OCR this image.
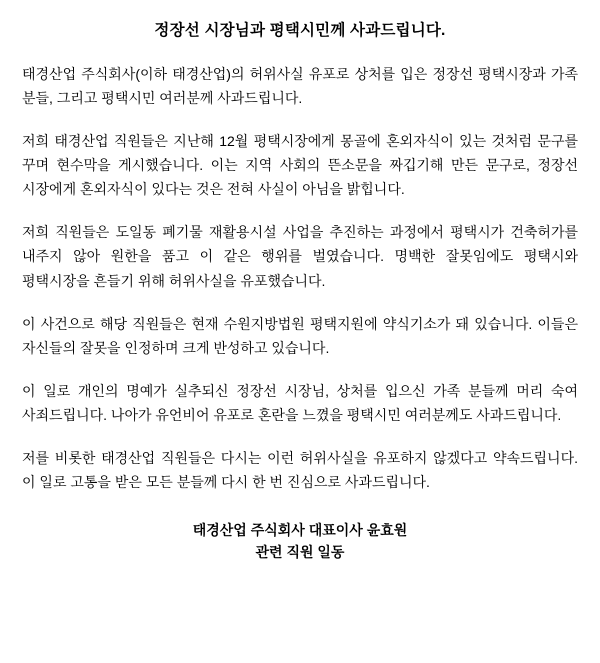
정장선 시장님과 평택시민께 사과드립니다.

태경산업 주식회사(이하 태경산업)의 허위사실 유포로 상처를 입은 정장선 평택시장과 가족 분들, 그리고 평택시민 여러분께 사과드립니다.

저희 태경산업 직원들은 지난해 12월 평택시장에게 몽골에 혼외자식이 있는 것처럼 문구를 꾸며 현수막을 게시했습니다. 이는 지역 사회의 뜬소문을 짜깁기해 만든 문구로, 정장선 시장에게 혼외자식이 있다는 것은 전혀 사실이 아님을 밝힙니다.

저희 직원들은 도일동 폐기물 재활용시설 사업을 추진하는 과정에서 평택시가 건축허가를 내주지 않아 원한을 품고 이 같은 행위를 벌였습니다. 명백한 잘못임에도 평택시와 평택시장을 흔들기 위해 허위사실을 유포했습니다.

이 사건으로 해당 직원들은 현재 수원지방법원 평택지원에 약식기소가 돼 있습니다. 이들은 자신들의 잘못을 인정하며 크게 반성하고 있습니다.

이 일로 개인의 명예가 실추되신 정장선 시장님, 상처를 입으신 가족 분들께 머리 숙여 사죄드립니다. 나아가 유언비어 유포로 혼란을 느꼈을 평택시민 여러분께도 사과드립니다.

저를 비롯한 태경산업 직원들은 다시는 이런 허위사실을 유포하지 않겠다고 약속드립니다. 이 일로 고통을 받은 모든 분들께 다시 한 번 진심으로 사과드립니다.

태경산업 주식회사 대표이사 윤효원
관련 직원 일동
